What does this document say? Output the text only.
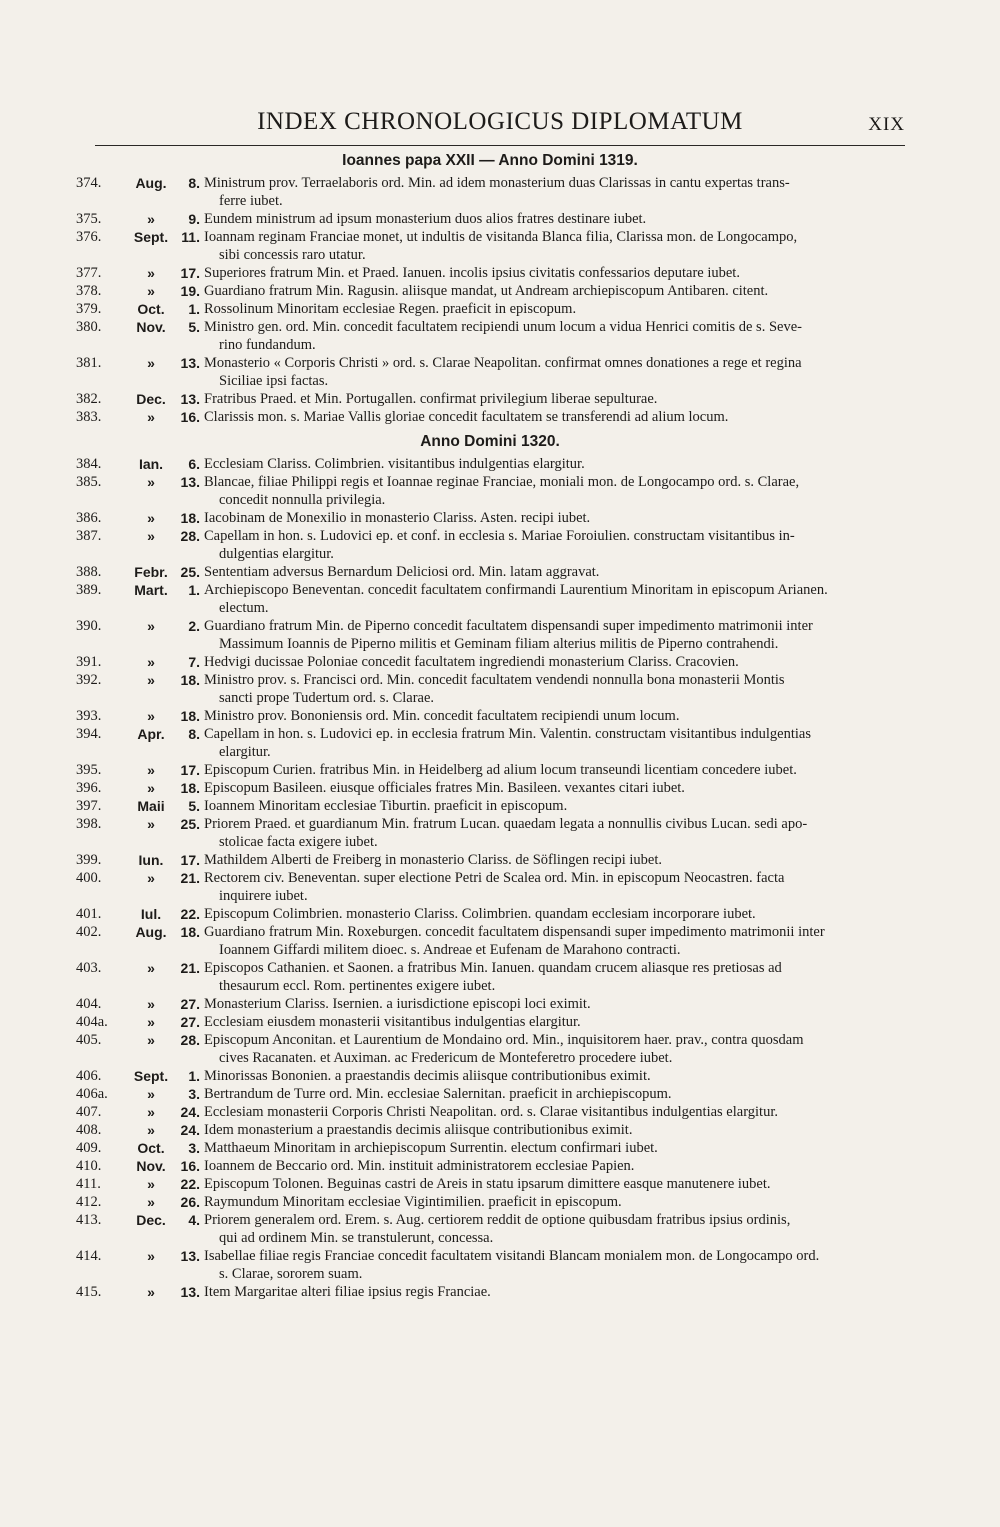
INDEX CHRONOLOGICUS DIPLOMATUM	XIX
Ioannes papa XXII — Anno Domini 1319.
374.	Aug.	8. Ministrum prov. Terraelaboris ord. Min. ad idem monasterium duas Clarissas in cantu expertas trans-
ferre iubet.
375.	»	9. Eundem ministrum ad ipsum monasterium duos alios fratres destinare iubet.
376.	Sept. 11. Ioannam reginam Franciae monet, ut indultis de visitanda Blanca filia, Clarissa mon. de Longocampo,
sibi concessis raro utatur.
377.	»	17. Superiores fratrum Min. et Praed. Ianuen. incolis ipsius civitatis confessarios deputare iubet.
378.	»	19. Guardiano fratrum Min. Ragusin. aliisque mandat, ut Andream archiepiscopum Antibaren. citent.
379.	Oct.	1. Rossolinum Minoritam ecclesiae Regen. praeficit in episcopum.
380.	Nov.	5. Ministro gen. ord. Min. concedit facultatem recipiendi unum locum a vidua Henrici comitis de s. Seve-
rino fundandum.
381.	»	13. Monasterio « Corporis Christi » ord. s. Clarae Neapolitan. confirmat omnes donationes a rege et regina
Siciliae ipsi factas.
382.	Dec.	13. Fratribus Praed. et Min. Portugallen. confirmat privilegium liberae sepulturae.
383.	»	16. Clarissis mon. s. Mariae Vallis gloriae concedit facultatem se transferendi ad alium locum.
Anno Domini 1320.
384.	Ian.	6. Ecclesiam Clariss. Colimbrien. visitantibus indulgentias elargitur.
385.	»	13. Blancae, filiae Philippi regis et Ioannae reginae Franciae, moniali mon. de Longocampo ord. s. Clarae,
concedit nonnulla privilegia.
386.	»	18. Iacobinam de Monexilio in monasterio Clariss. Asten. recipi iubet.
387.	»	28. Capellam in hon. s. Ludovici ep. et conf. in ecclesia s. Mariae Foroiulien. constructam visitantibus in-
dulgentias elargitur.
388.	Febr. 25. Sententiam adversus Bernardum Deliciosi ord. Min. latam aggravat.
389.	Mart.	1. Archiepiscopo Beneventan. concedit facultatem confirmandi Laurentium Minoritam in episcopum Arianen.
electum.
390.	»	2. Guardiano fratrum Min. de Piperno concedit facultatem dispensandi super impedimento matrimonii inter
Massimum Ioannis de Piperno militis et Geminam filiam alterius militis de Piperno contrahendi.
391.	»	7. Hedvigi ducissae Poloniae concedit facultatem ingrediendi monasterium Clariss. Cracovien.
392.	»	18. Ministro prov. s. Francisci ord. Min. concedit facultatem vendendi nonnulla bona monasterii Montis
sancti prope Tudertum ord. s. Clarae.
393.	»	18. Ministro prov. Bononiensis ord. Min. concedit facultatem recipiendi unum locum.
394.	Apr.	8. Capellam in hon. s. Ludovici ep. in ecclesia fratrum Min. Valentin. constructam visitantibus indulgentias
elargitur.
395.	»	17. Episcopum Curien. fratribus Min. in Heidelberg ad alium locum transeundi licentiam concedere iubet.
396.	»	18. Episcopum Basileen. eiusque officiales fratres Min. Basileen. vexantes citari iubet.
397.	Maii	5. Ioannem Minoritam ecclesiae Tiburtin. praeficit in episcopum.
398.	»	25. Priorem Praed. et guardianum Min. fratrum Lucan. quaedam legata a nonnullis civibus Lucan. sedi apo-
stolicae facta exigere iubet.
399.	Iun.	17. Mathildem Alberti de Freiberg in monasterio Clariss. de Söflingen recipi iubet.
400.	»	21. Rectorem civ. Beneventan. super electione Petri de Scalea ord. Min. in episcopum Neocastren. facta
inquirere iubet.
401.	Iul.	22. Episcopum Colimbrien. monasterio Clariss. Colimbrien. quandam ecclesiam incorporare iubet.
402.	Aug. 18. Guardiano fratrum Min. Roxeburgen. concedit facultatem dispensandi super impedimento matrimonii inter
Ioannem Giffardi militem dioec. s. Andreae et Eufenam de Marahono contracti.
403.	»	21. Episcopos Cathanien. et Saonen. a fratribus Min. Ianuen. quandam crucem aliasque res pretiosas ad
thesaurum eccl. Rom. pertinentes exigere iubet.
404.	»	27. Monasterium Clariss. Isernien. a iurisdictione episcopi loci eximit.
404a.	»	27. Ecclesiam eiusdem monasterii visitantibus indulgentias elargitur.
405.	»	28. Episcopum Anconitan. et Laurentium de Mondaino ord. Min., inquisitorem haer. prav., contra quosdam
cives Racanaten. et Auximan. ac Fredericum de Monteferetro procedere iubet.
406.	Sept.	1. Minorissas Bononien. a praestandis decimis aliisque contributionibus eximit.
406a.	»	3. Bertrandum de Turre ord. Min. ecclesiae Salernitan. praeficit in archiepiscopum.
407.	»	24. Ecclesiam monasterii Corporis Christi Neapolitan. ord. s. Clarae visitantibus indulgentias elargitur.
408.	»	24. Idem monasterium a praestandis decimis aliisque contributionibus eximit.
409.	Oct.	3. Matthaeum Minoritam in archiepiscopum Surrentin. electum confirmari iubet.
410.	Nov.	16. Ioannem de Beccario ord. Min. instituit administratorem ecclesiae Papien.
411.	»	22. Episcopum Tolonen. Beguinas castri de Areis in statu ipsarum dimittere easque manutenere iubet.
412.	»	26. Raymundum Minoritam ecclesiae Vigintimilien. praeficit in episcopum.
413.	Dec.	4. Priorem generalem ord. Erem. s. Aug. certiorem reddit de optione quibusdam fratribus ipsius ordinis,
qui ad ordinem Min. se transtulerunt, concessa.
414.	»	13. Isabellae filiae regis Franciae concedit facultatem visitandi Blancam monialem mon. de Longocampo ord.
s. Clarae, sororem suam.
415.	»	13. Item Margaritae alteri filiae ipsius regis Franciae.
